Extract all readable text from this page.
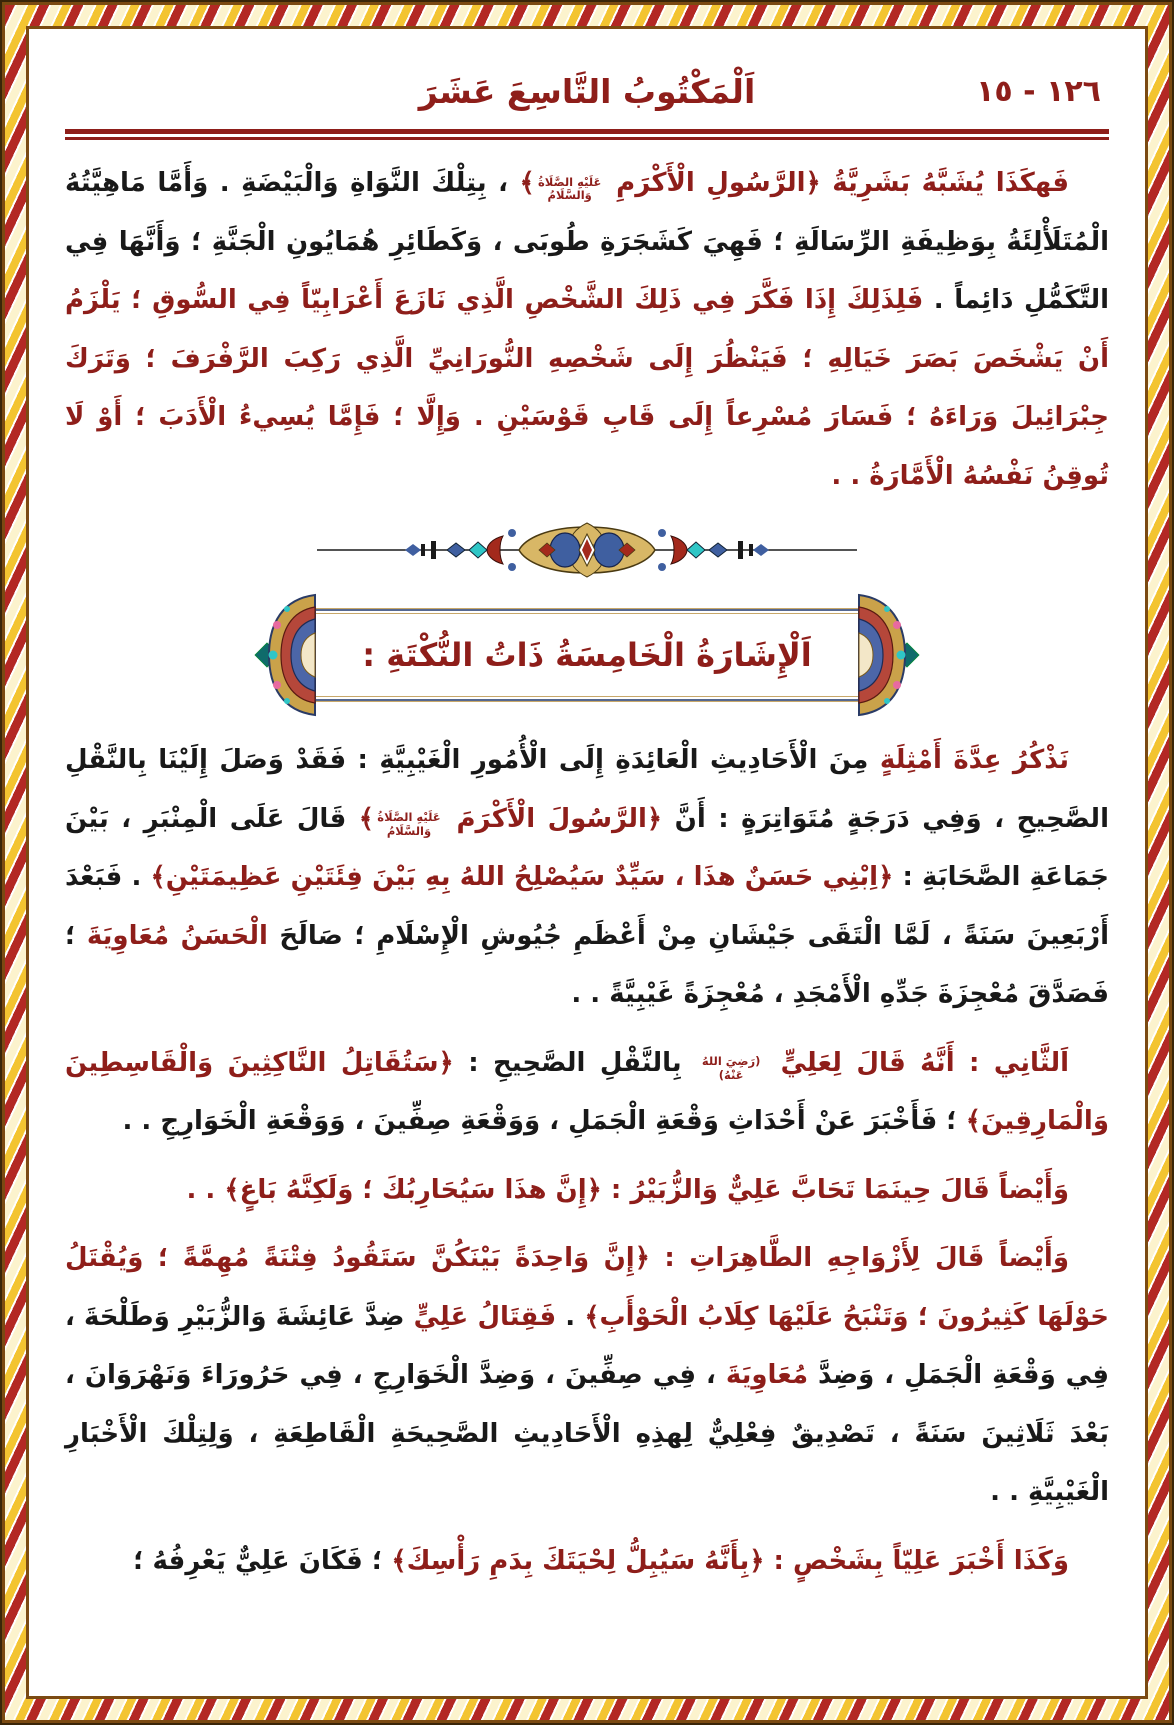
١٢٦ - ١٥
اَلْمَكْتُوبُ التَّاسِعَ عَشَرَ

فَهكَذَا يُشَبَّهُ بَشَرِيَّةُ ﴿الرَّسُولِ الْأَكْرَمِ عَلَيْهِ الصَّلَاةُ وَالسَّلَامُ﴾ ، بِتِلْكَ النَّوَاةِ وَالْبَيْضَةِ . وَأَمَّا مَاهِيَّتُهُ الْمُتَلَأْلِئَةُ بِوَظِيفَةِ الرِّسَالَةِ ؛ فَهِيَ كَشَجَرَةِ طُوبَى ، وَكَطَائِرِ هُمَايُونِ الْجَنَّةِ ؛ وَأَنَّهَا فِي التَّكَمُّلِ دَائِماً . فَلِذَلِكَ إِذَا فَكَّرَ فِي ذَلِكَ الشَّخْصِ الَّذِي نَازَعَ أَعْرَابِيّاً فِي السُّوقِ ؛ يَلْزَمُ أَنْ يَشْخَصَ بَصَرَ خَيَالِهِ ؛ فَيَنْظُرَ إِلَى شَخْصِهِ النُّورَانِيِّ الَّذِي رَكِبَ الرَّفْرَفَ ؛ وَتَرَكَ جِبْرَائِيلَ وَرَاءَهُ ؛ فَسَارَ مُسْرِعاً إِلَى قَابِ قَوْسَيْنِ . وَإِلَّا ؛ فَإِمَّا يُسِيءُ الْأَدَبَ ؛ أَوْ لَا تُوقِنُ نَفْسُهُ الْأَمَّارَةُ . .

اَلْإِشَارَةُ الْخَامِسَةُ ذَاتُ النُّكْتَةِ :

نَذْكُرُ عِدَّةَ أَمْثِلَةٍ مِنَ الْأَحَادِيثِ الْعَائِدَةِ إِلَى الْأُمُورِ الْغَيْبِيَّةِ : فَقَدْ وَصَلَ إِلَيْنَا بِالنَّقْلِ الصَّحِيحِ ، وَفِي دَرَجَةٍ مُتَوَاتِرَةٍ : أَنَّ ﴿الرَّسُولَ الْأَكْرَمَ عَلَيْهِ الصَّلَاةُ وَالسَّلَامُ﴾ قَالَ عَلَى الْمِنْبَرِ ، بَيْنَ جَمَاعَةِ الصَّحَابَةِ : ﴿اِبْنِي حَسَنٌ هذَا ، سَيِّدٌ سَيُصْلِحُ اللهُ بِهِ بَيْنَ فِئَتَيْنِ عَظِيمَتَيْنِ﴾ . فَبَعْدَ أَرْبَعِينَ سَنَةً ، لَمَّا الْتَقَى جَيْشَانِ مِنْ أَعْظَمِ جُيُوشِ الْإِسْلَامِ ؛ صَالَحَ الْحَسَنُ مُعَاوِيَةَ ؛ فَصَدَّقَ مُعْجِزَةَ جَدِّهِ الْأَمْجَدِ ، مُعْجِزَةً غَيْبِيَّةً . .

اَلثَّانِي : أَنَّهُ قَالَ لِعَلِيٍّ (رَضِيَ اللهُ عَنْهُ) بِالنَّقْلِ الصَّحِيحِ : ﴿سَتُقَاتِلُ النَّاكِثِينَ وَالْقَاسِطِينَ وَالْمَارِقِينَ﴾ ؛ فَأَخْبَرَ عَنْ أَحْدَاثِ وَقْعَةِ الْجَمَلِ ، وَوَقْعَةِ صِفِّينَ ، وَوَقْعَةِ الْخَوَارِجِ . .

وَأَيْضاً قَالَ حِينَمَا تَحَابَّ عَلِيٌّ وَالزُّبَيْرُ : ﴿إِنَّ هذَا سَيُحَارِبُكَ ؛ وَلَكِنَّهُ بَاغٍ﴾ . .

وَأَيْضاً قَالَ لِأَزْوَاجِهِ الطَّاهِرَاتِ : ﴿إِنَّ وَاحِدَةً بَيْنَكُنَّ سَتَقُودُ فِتْنَةً مُهِمَّةً ؛ وَيُقْتَلُ حَوْلَهَا كَثِيرُونَ ؛ وَتَنْبَحُ عَلَيْهَا كِلَابُ الْحَوْأَبِ﴾ . فَقِتَالُ عَلِيٍّ ضِدَّ عَائِشَةَ وَالزُّبَيْرِ وَطَلْحَةَ ، فِي وَقْعَةِ الْجَمَلِ ، وَضِدَّ مُعَاوِيَةَ ، فِي صِفِّينَ ، وَضِدَّ الْخَوَارِجِ ، فِي حَرُورَاءَ وَنَهْرَوَانَ ، بَعْدَ ثَلَاثِينَ سَنَةً ، تَصْدِيقٌ فِعْلِيٌّ لِهذِهِ الْأَحَادِيثِ الصَّحِيحَةِ الْقَاطِعَةِ ، وَلِتِلْكَ الْأَخْبَارِ الْغَيْبِيَّةِ . .

وَكَذَا أَخْبَرَ عَلِيّاً بِشَخْصٍ : ﴿بِأَنَّهُ سَيُبِلُّ لِحْيَتَكَ بِدَمِ رَأْسِكَ﴾ ؛ فَكَانَ عَلِيٌّ يَعْرِفُهُ ؛
